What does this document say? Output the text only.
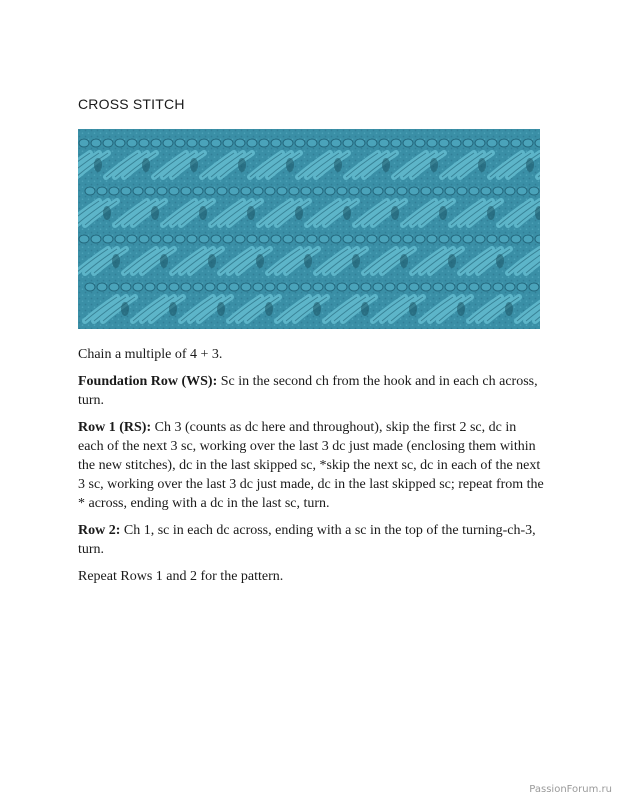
CROSS STITCH

Chain a multiple of 4 + 3.

Foundation Row (WS): Sc in the second ch from the hook and in each ch across, turn.

Row 1 (RS): Ch 3 (counts as dc here and throughout), skip the first 2 sc, dc in each of the next 3 sc, working over the last 3 dc just made (enclosing them within the new stitches), dc in the last skipped sc, *skip the next sc, dc in each of the next 3 sc, working over the last 3 dc just made, dc in the last skipped sc; repeat from the * across, ending with a dc in the last sc, turn.

Row 2: Ch 1, sc in each dc across, ending with a sc in the top of the turning-ch-3, turn.

Repeat Rows 1 and 2 for the pattern.

PassionForum.ru
